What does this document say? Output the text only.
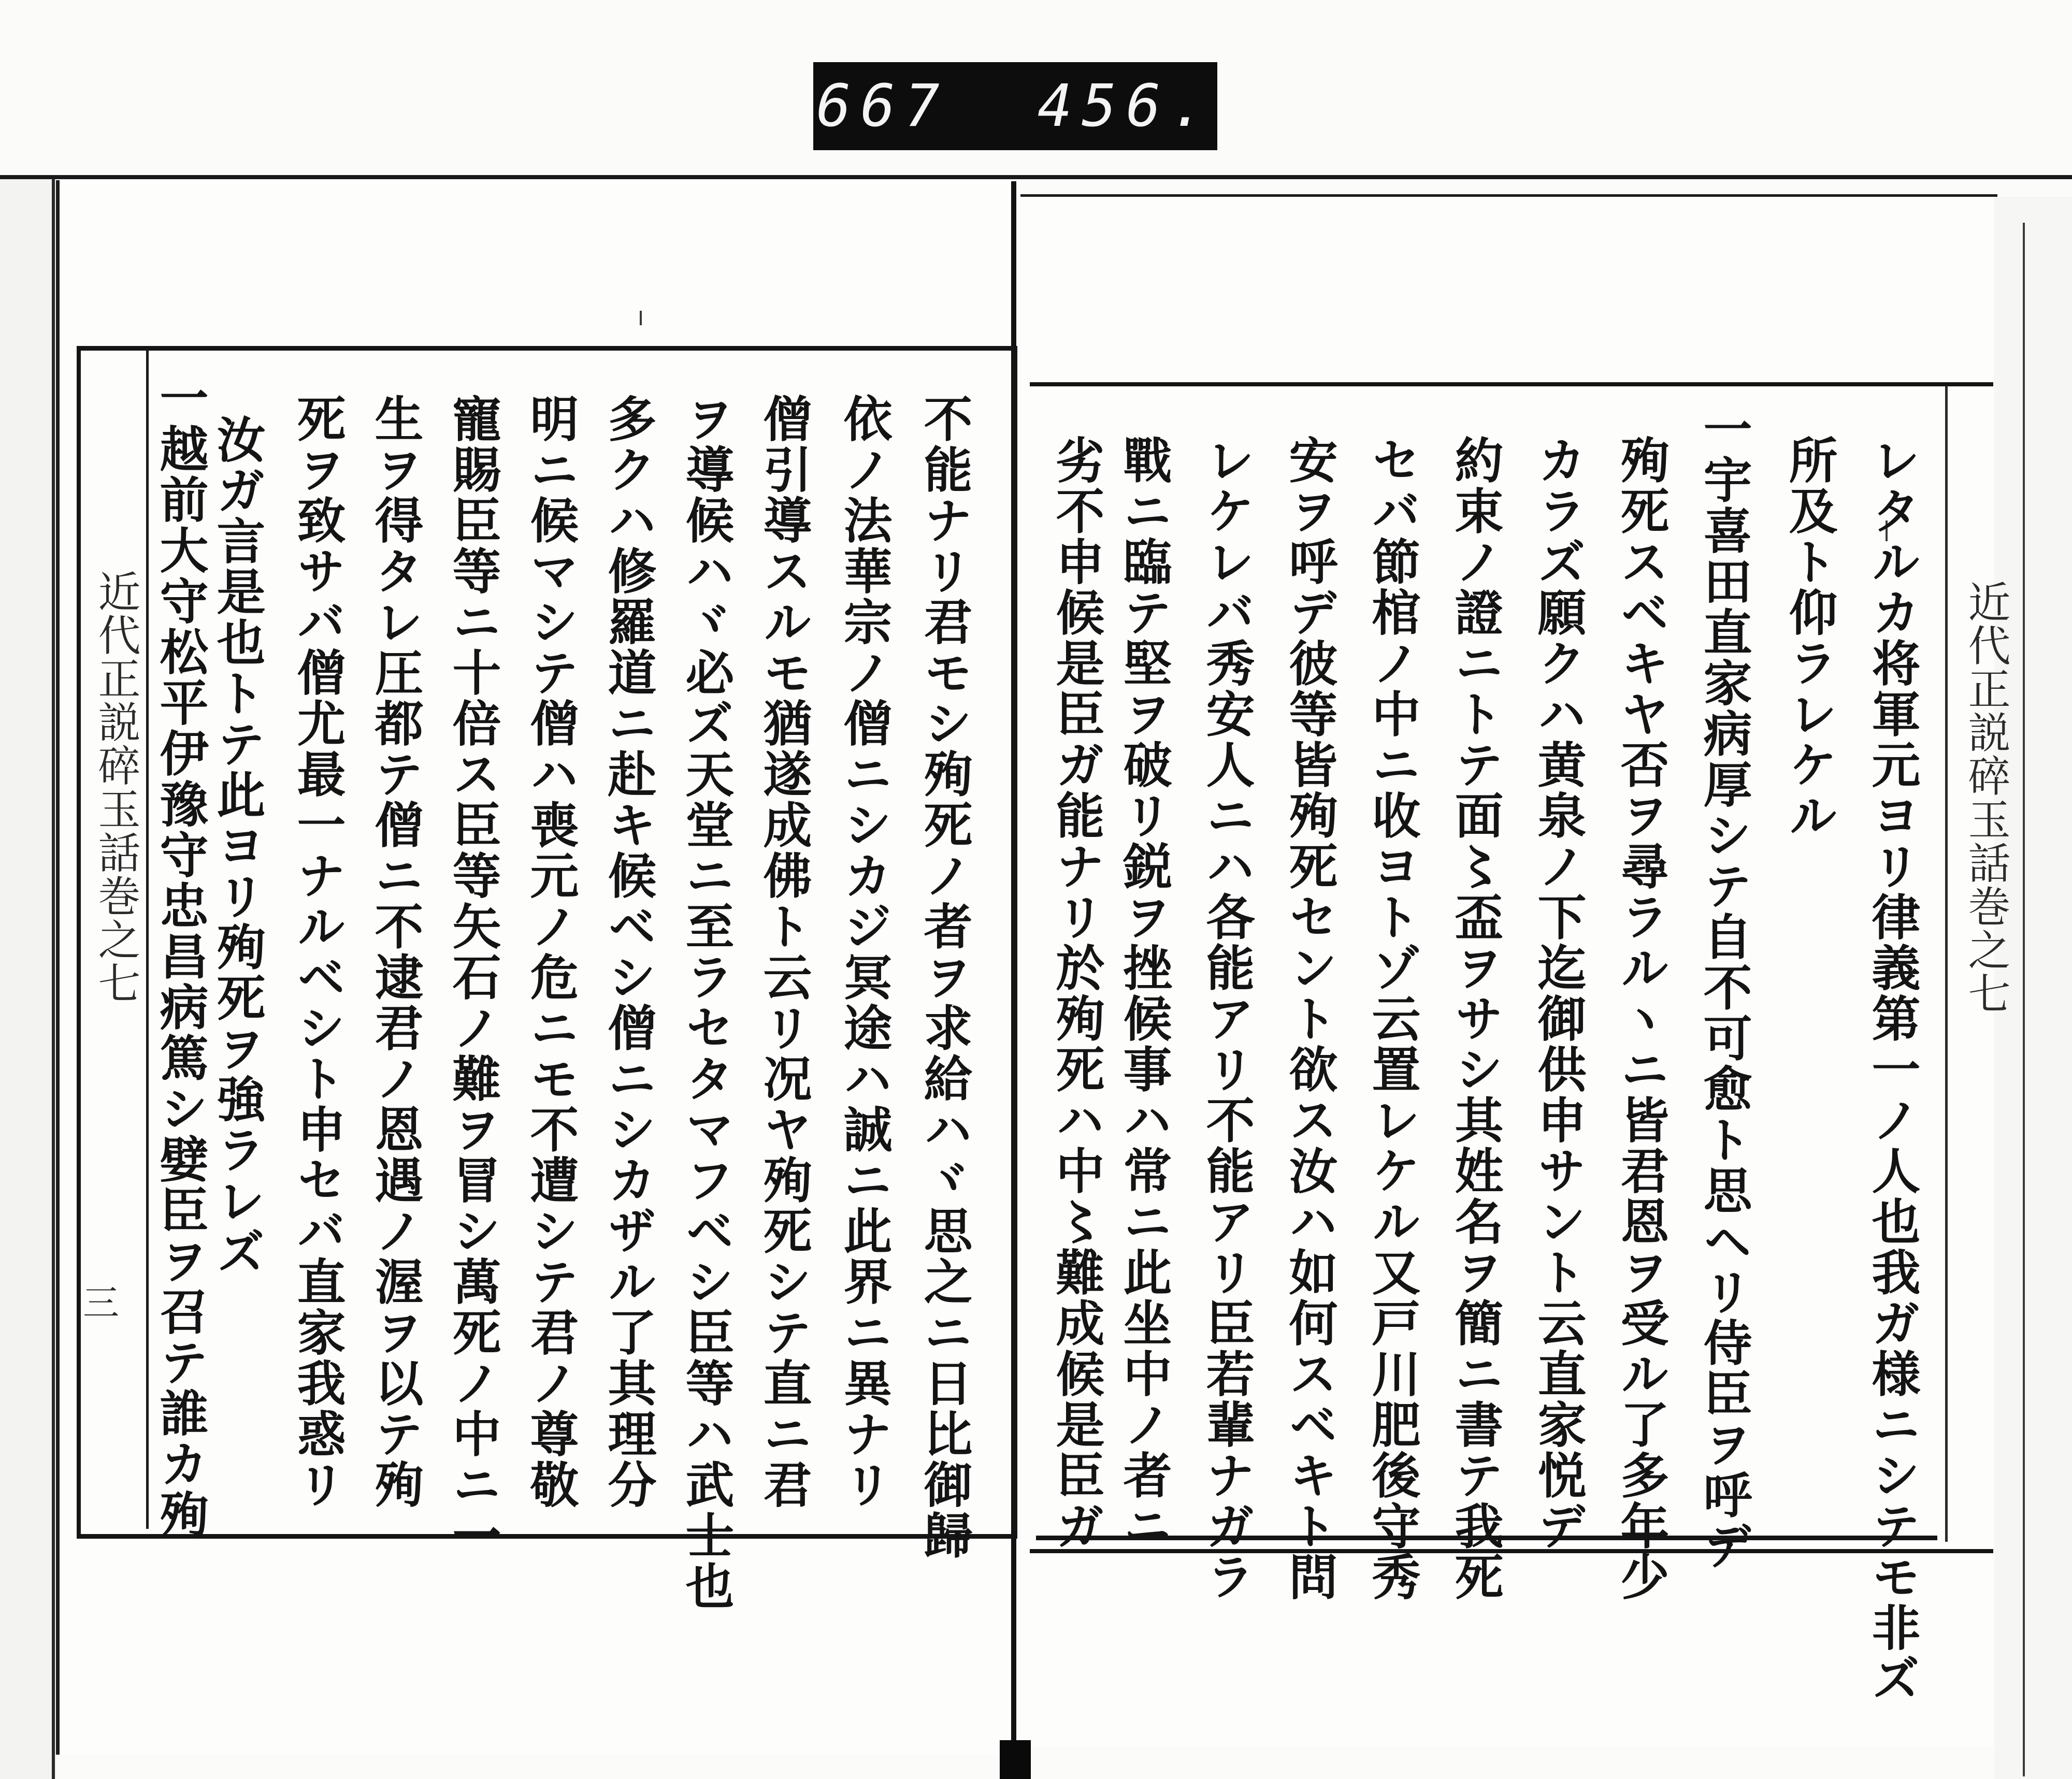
667  456.
近代正説碎玉話巻之七
レタルカ将軍元ヨリ律義第一ノ人也我ガ様ニシテモ非ズ
所及ト仰ラレケル
一宇喜田直家病厚シテ自不可愈ト思ヘリ侍臣ヲ呼デ
殉死スベキヤ否ヲ尋ラルヽニ皆君恩ヲ受ル了多年少
カラズ願クハ黄泉ノ下迄御供申サント云直家悦デ
約束ノ證ニトテ面〻盃ヲサシ其姓名ヲ簡ニ書テ我死
セバ節棺ノ中ニ收ヨトゾ云置レケル又戸川肥後守秀
安ヲ呼デ彼等皆殉死セント欲ス汝ハ如何スベキト問
レケレバ秀安人ニハ各能アリ不能アリ臣若輩ナガラ
戰ニ臨テ堅ヲ破リ鋭ヲ挫候事ハ常ニ此坐中ノ者ニ
劣不申候是臣ガ能ナリ於殉死ハ中〻難成候是臣ガ
不能ナリ君モシ殉死ノ者ヲ求給ハヾ思之ニ日比御歸
依ノ法華宗ノ僧ニシカジ冥途ハ誠ニ此界ニ異ナリ
僧引導スルモ猶遂成佛ト云リ况ヤ殉死シテ直ニ君
ヲ導候ハヾ必ズ天堂ニ至ラセタマフベシ臣等ハ武士也
多クハ修羅道ニ赴キ候ベシ僧ニシカザル了其理分
明ニ候マシテ僧ハ喪元ノ危ニモ不遭シテ君ノ尊敬
寵賜臣等ニ十倍ス臣等矢石ノ難ヲ冒シ萬死ノ中ニ一
生ヲ得タレ圧都テ僧ニ不逮君ノ恩遇ノ渥ヲ以テ殉
死ヲ致サバ僧尤最一ナルベシト申セバ直家我惑リ
汝ガ言是也トテ此ヨリ殉死ヲ強ラレズ
一越前大守松平伊豫守忠昌病篤シ嬖臣ヲ召テ誰カ殉
近代正説碎玉話巻之七
三
